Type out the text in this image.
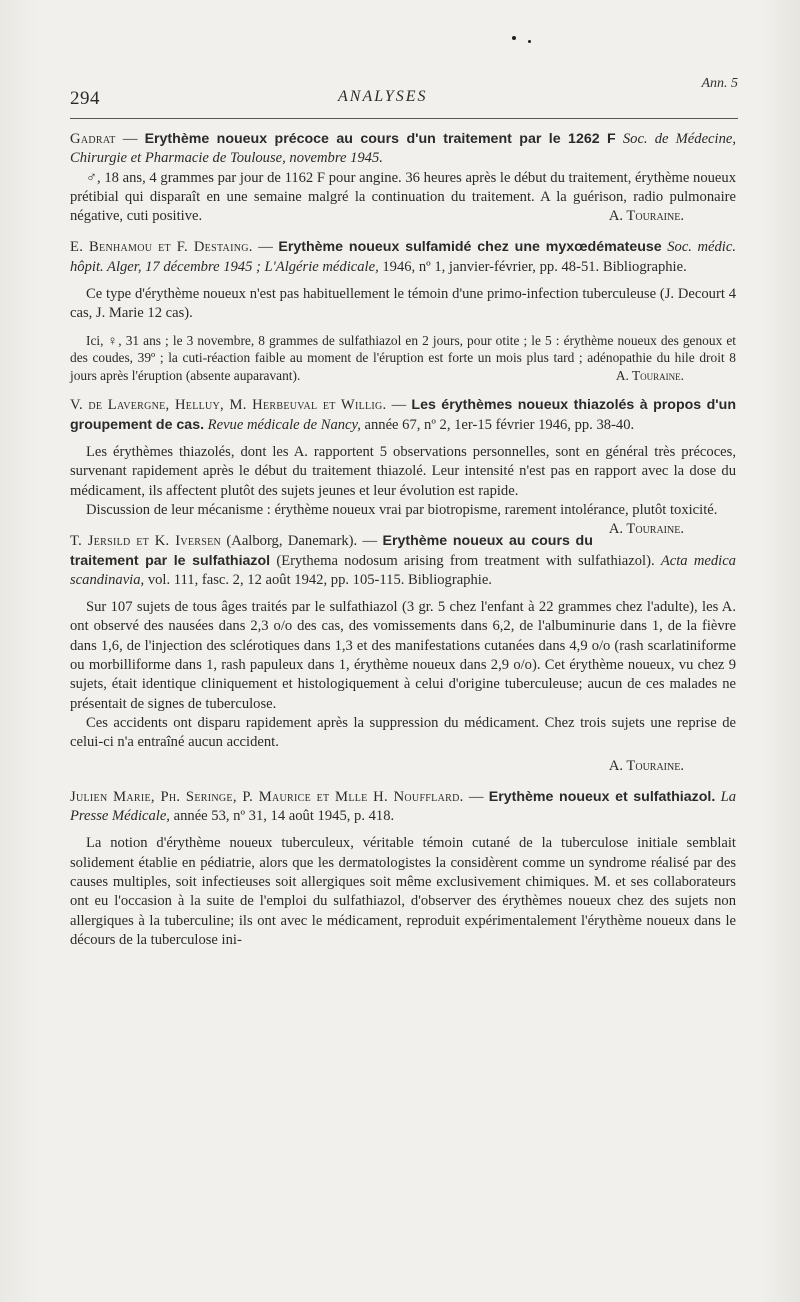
Ann. 5
294	ANALYSES

Gadrat — Erythème noueux précoce au cours d'un traitement par le 1262 F Soc. de Médecine, Chirurgie et Pharmacie de Toulouse, novembre 1945.

♂, 18 ans, 4 grammes par jour de 1162 F pour angine. 36 heures après le début du traitement, érythème noueux prétibial qui disparaît en une semaine malgré la continuation du traitement. A la guérison, radio pulmonaire négative, cuti positive.	A. Touraine.

E. Benhamou et F. Destaing. — Erythème noueux sulfamidé chez une myxœdémateuse Soc. médic. hôpit. Alger, 17 décembre 1945 ; L'Algérie médicale, 1946, nº 1, janvier-février, pp. 48-51. Bibliographie.

Ce type d'érythème noueux n'est pas habituellement le témoin d'une primo-infection tuberculeuse (J. Decourt 4 cas, J. Marie 12 cas).

Ici, ♀, 31 ans ; le 3 novembre, 8 grammes de sulfathiazol en 2 jours, pour otite ; le 5 : érythème noueux des genoux et des coudes, 39º ; la cuti-réaction faible au moment de l'éruption est forte un mois plus tard ; adénopathie du hile droit 8 jours après l'éruption (absente auparavant).	A. Touraine.

V. de Lavergne, Helluy, M. Herbeuval et Willig. — Les érythèmes noueux thiazolés à propos d'un groupement de cas. Revue médicale de Nancy, année 67, nº 2, 1er-15 février 1946, pp. 38-40.

Les érythèmes thiazolés, dont les A. rapportent 5 observations personnelles, sont en général très précoces, survenant rapidement après le début du traitement thiazolé. Leur intensité n'est pas en rapport avec la dose du médicament, ils affectent plutôt des sujets jeunes et leur évolution est rapide.

Discussion de leur mécanisme : érythème noueux vrai par biotropisme, rarement intolérance, plutôt toxicité.
A. Touraine.

T. Jersild et K. Iversen (Aalborg, Danemark). — Erythème noueux au cours du traitement par le sulfathiazol (Erythema nodosum arising from treatment with sulfathiazol). Acta medica scandinavia, vol. 111, fasc. 2, 12 août 1942, pp. 105-115. Bibliographie.

Sur 107 sujets de tous âges traités par le sulfathiazol (3 gr. 5 chez l'enfant à 22 grammes chez l'adulte), les A. ont observé des nausées dans 2,3 o/o des cas, des vomissements dans 6,2, de l'albuminurie dans 1, de la fièvre dans 1,6, de l'injection des sclérotiques dans 1,3 et des manifestations cutanées dans 4,9 o/o (rash scarlatiniforme ou morbilliforme dans 1, rash papuleux dans 1, érythème noueux dans 2,9 o/o). Cet érythème noueux, vu chez 9 sujets, était identique cliniquement et histologiquement à celui d'origine tuberculeuse; aucun de ces malades ne présentait de signes de tuberculose.

Ces accidents ont disparu rapidement après la suppression du médicament. Chez trois sujets une reprise de celui-ci n'a entraîné aucun accident.

A. Touraine.

Julien Marie, Ph. Seringe, P. Maurice et Mlle H. Noufflard. — Erythème noueux et sulfathiazol. La Presse Médicale, année 53, nº 31, 14 août 1945, p. 418.

La notion d'érythème noueux tuberculeux, véritable témoin cutané de la tuberculose initiale semblait solidement établie en pédiatrie, alors que les dermatologistes la considèrent comme un syndrome réalisé par des causes multiples, soit infectieuses soit allergiques soit même exclusivement chimiques. M. et ses collaborateurs ont eu l'occasion à la suite de l'emploi du sulfathiazol, d'observer des érythèmes noueux chez des sujets non allergiques à la tuberculine; ils ont avec le médicament, reproduit expérimentalement l'érythème noueux dans le décours de la tuberculose ini-
